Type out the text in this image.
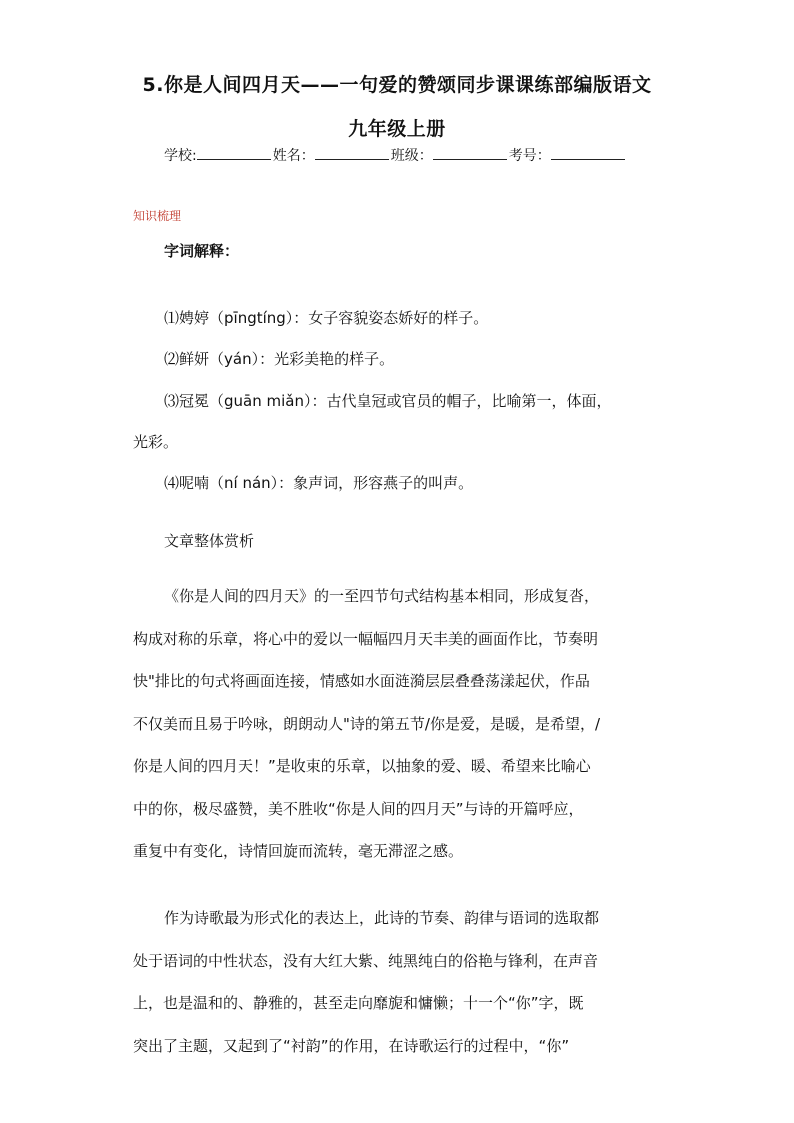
5.你是人间四月天——一句爱的赞颂同步课课练部编版语文
九年级上册
学校:	姓名：	班级：	考号：
知识梳理
字词解释：
⑴娉婷（pīngtíng）：女子容貌姿态娇好的样子。
⑵鲜妍（yán）：光彩美艳的样子。
⑶冠冕（guān miǎn）：古代皇冠或官员的帽子，比喻第一，体面，
光彩。
⑷呢喃（ní nán）：象声词，形容燕子的叫声。
文章整体赏析
《你是人间的四月天》的一至四节句式结构基本相同，形成复沓，
构成对称的乐章，将心中的爱以一幅幅四月天丰美的画面作比，节奏明
快"排比的句式将画面连接，情感如水面涟漪层层叠叠荡漾起伏，作品
不仅美而且易于吟咏，朗朗动人"诗的第五节/你是爱，是暖，是希望，/
你是人间的四月天！”是收束的乐章，以抽象的爱、暖、希望来比喻心
中的你，极尽盛赞，美不胜收“你是人间的四月天”与诗的开篇呼应，
重复中有变化，诗情回旋而流转，毫无滞涩之感。
作为诗歌最为形式化的表达上，此诗的节奏、韵律与语词的选取都
处于语词的中性状态，没有大红大紫、纯黑纯白的俗艳与锋利，在声音
上，也是温和的、静雅的，甚至走向靡旎和慵懒；十一个“你”字，既
突出了主题，又起到了“衬韵”的作用，在诗歌运行的过程中，“你”
